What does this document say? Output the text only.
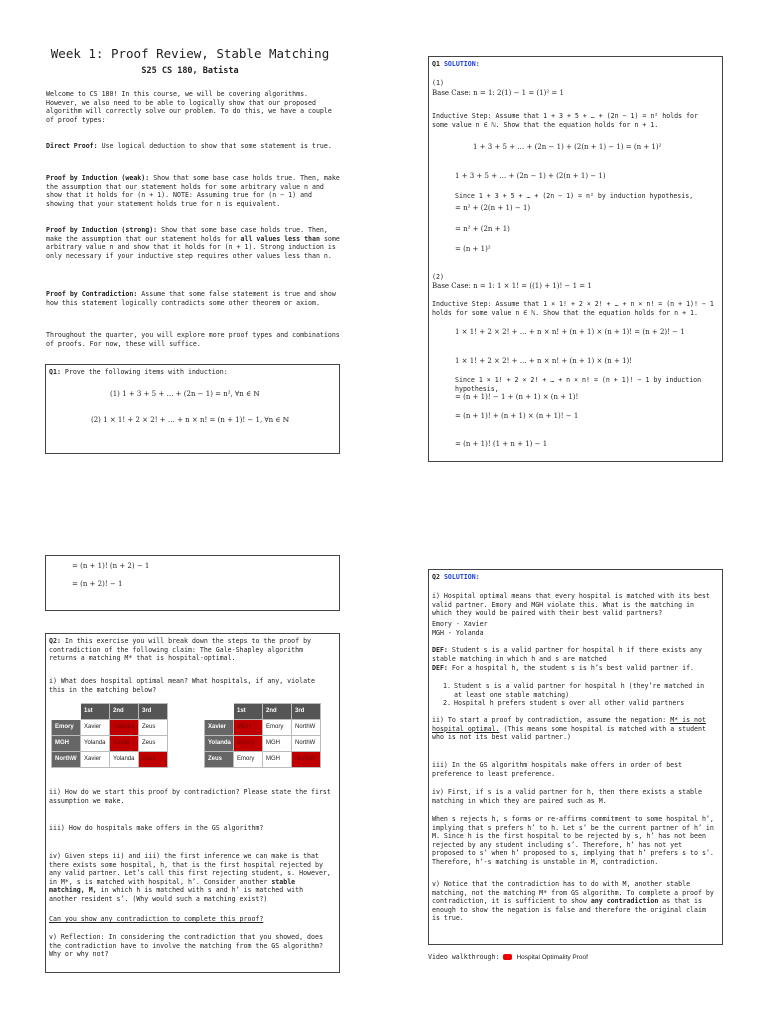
Week 1: Proof Review, Stable Matching
S25 CS 180, Batista

Welcome to CS 180! In this course, we will be covering algorithms. However, we also need to be able to logically show that our proposed algorithm will correctly solve our problem. To do this, we have a couple of proof types:

Direct Proof: Use logical deduction to show that some statement is true.

Proof by Induction (weak): Show that some base case holds true. Then, make the assumption that our statement holds for some arbitrary value n and show that it holds for (n + 1). NOTE: Assuming true for (n − 1) and showing that your statement holds true for n is equivalent.

Proof by Induction (strong): Show that some base case holds true. Then, make the assumption that our statement holds for all values less than some arbitrary value n and show that it holds for (n + 1). Strong induction is only necessary if your inductive step requires other values less than n.

Proof by Contradiction: Assume that some false statement is true and show how this statement logically contradicts some other theorem or axiom.

Throughout the quarter, you will explore more proof types and combinations of proofs. For now, these will suffice.

Q1: Prove the following items with induction:
(1) 1 + 3 + 5 + … + (2n − 1) = n², ∀n ∈ ℕ
(2) 1 × 1! + 2 × 2! + … + n × n! = (n + 1)! − 1, ∀n ∈ ℕ
Q1 SOLUTION:
(1)
Base Case: n = 1: 2(1) − 1 = (1)² = 1

Inductive Step: Assume that 1 + 3 + 5 + … + (2n − 1) = n² holds for some value n ∈ ℕ. Show that the equation holds for n + 1.

1 + 3 + 5 + … + (2n − 1) + (2(n + 1) − 1) = (n + 1)²
1 + 3 + 5 + … + (2n − 1) + (2(n + 1) − 1)
Since 1 + 3 + 5 + … + (2n − 1) = n² by induction hypothesis,
= n² + (2(n + 1) − 1)
= n² + (2n + 1)
= (n + 1)²
(2)
Base Case: n = 1: 1 × 1! = ((1) + 1)! − 1 = 1

Inductive Step: Assume that 1 × 1! + 2 × 2! + … + n × n! = (n + 1)! − 1 holds for some value n ∈ ℕ. Show that the equation holds for n + 1.

1 × 1! + 2 × 2! + … + n × n! + (n + 1) × (n + 1)! = (n + 2)! − 1
1 × 1! + 2 × 2! + … + n × n! + (n + 1) × (n + 1)!

Since 1 × 1! + 2 × 2! + … + n × n! = (n + 1)! − 1 by induction hypothesis,

= (n + 1)! − 1 + (n + 1) × (n + 1)!
= (n + 1)! + (n + 1) × (n + 1)! − 1
= (n + 1)! (1 + n + 1) − 1
= (n + 1)! (n + 2) − 1
= (n + 2)! − 1

Q2: In this exercise you will break down the steps to the proof by contradiction of the following claim: The Gale-Shapley algorithm returns a matching M* that is hospital-optimal.

i) What does hospital optimal mean? What hospitals, if any, violate this in the matching below?

	1st	2nd	3rd
Emory	Xavier	Yolanda	Zeus
MGH	Yolanda	Xavier	Zeus
NorthW	Xavier	Yolanda	Zeus
	1st	2nd	3rd
Xavier	MGH	Emory	NorthW
Yolanda	Emory	MGH	NorthW
Zeus	Emory	MGH	NorthW

ii) How do we start this proof by contradiction? Please state the first assumption we make.

iii) How do hospitals make offers in the GS algorithm?

iv) Given steps ii) and iii) the first inference we can make is that there exists some hospital, h, that is the first hospital rejected by any valid partner. Let’s call this first rejecting student, s. However, in M*, s is matched with hospital, h’. Consider another stable matching, M, in which h is matched with s and h’ is matched with another resident s’. (Why would such a matching exist?)

Can you show any contradiction to complete this proof?

v) Reflection: In considering the contradiction that you showed, does the contradiction have to involve the matching from the GS algorithm? Why or why not?

Q2 SOLUTION:

i) Hospital optimal means that every hospital is matched with its best valid partner. Emory and MGH violate this. What is the matching in which they would be paired with their best valid partners?

Emory - Xavier
MGH - Yolanda

DEF: Student s is a valid partner for hospital h if there exists any stable matching in which h and s are matched

DEF: For a hospital h, the student s is h’s best valid partner if.

1. Student s is a valid partner for hospital h (they’re matched in at least one stable matching)
2. Hospital h prefers student s over all other valid partners

ii) To start a proof by contradiction, assume the negation: M* is not hospital optimal. (This means some hospital is matched with a student who is not its best valid partner.)

iii) In the GS algorithm hospitals make offers in order of best preference to least preference.

iv) First, if s is a valid partner for h, then there exists a stable matching in which they are paired such as M.

When s rejects h, s forms or re-affirms commitment to some hospital h’, implying that s prefers h’ to h. Let s’ be the current partner of h’ in M. Since h is the first hospital to be rejected by s, h’ has not been rejected by any student including s’. Therefore, h’ has not yet proposed to s’ when h’ proposed to s, implying that h’ prefers s to s’. Therefore, h’-s matching is unstable in M, contradiction.

v) Notice that the contradiction has to do with M, another stable matching, not the matching M* from GS algorithm. To complete a proof by contradiction, it is sufficient to show any contradiction as that is enough to show the negation is false and therefore the original claim is true.

Video walkthrough:	Hospital Optimality Proof
